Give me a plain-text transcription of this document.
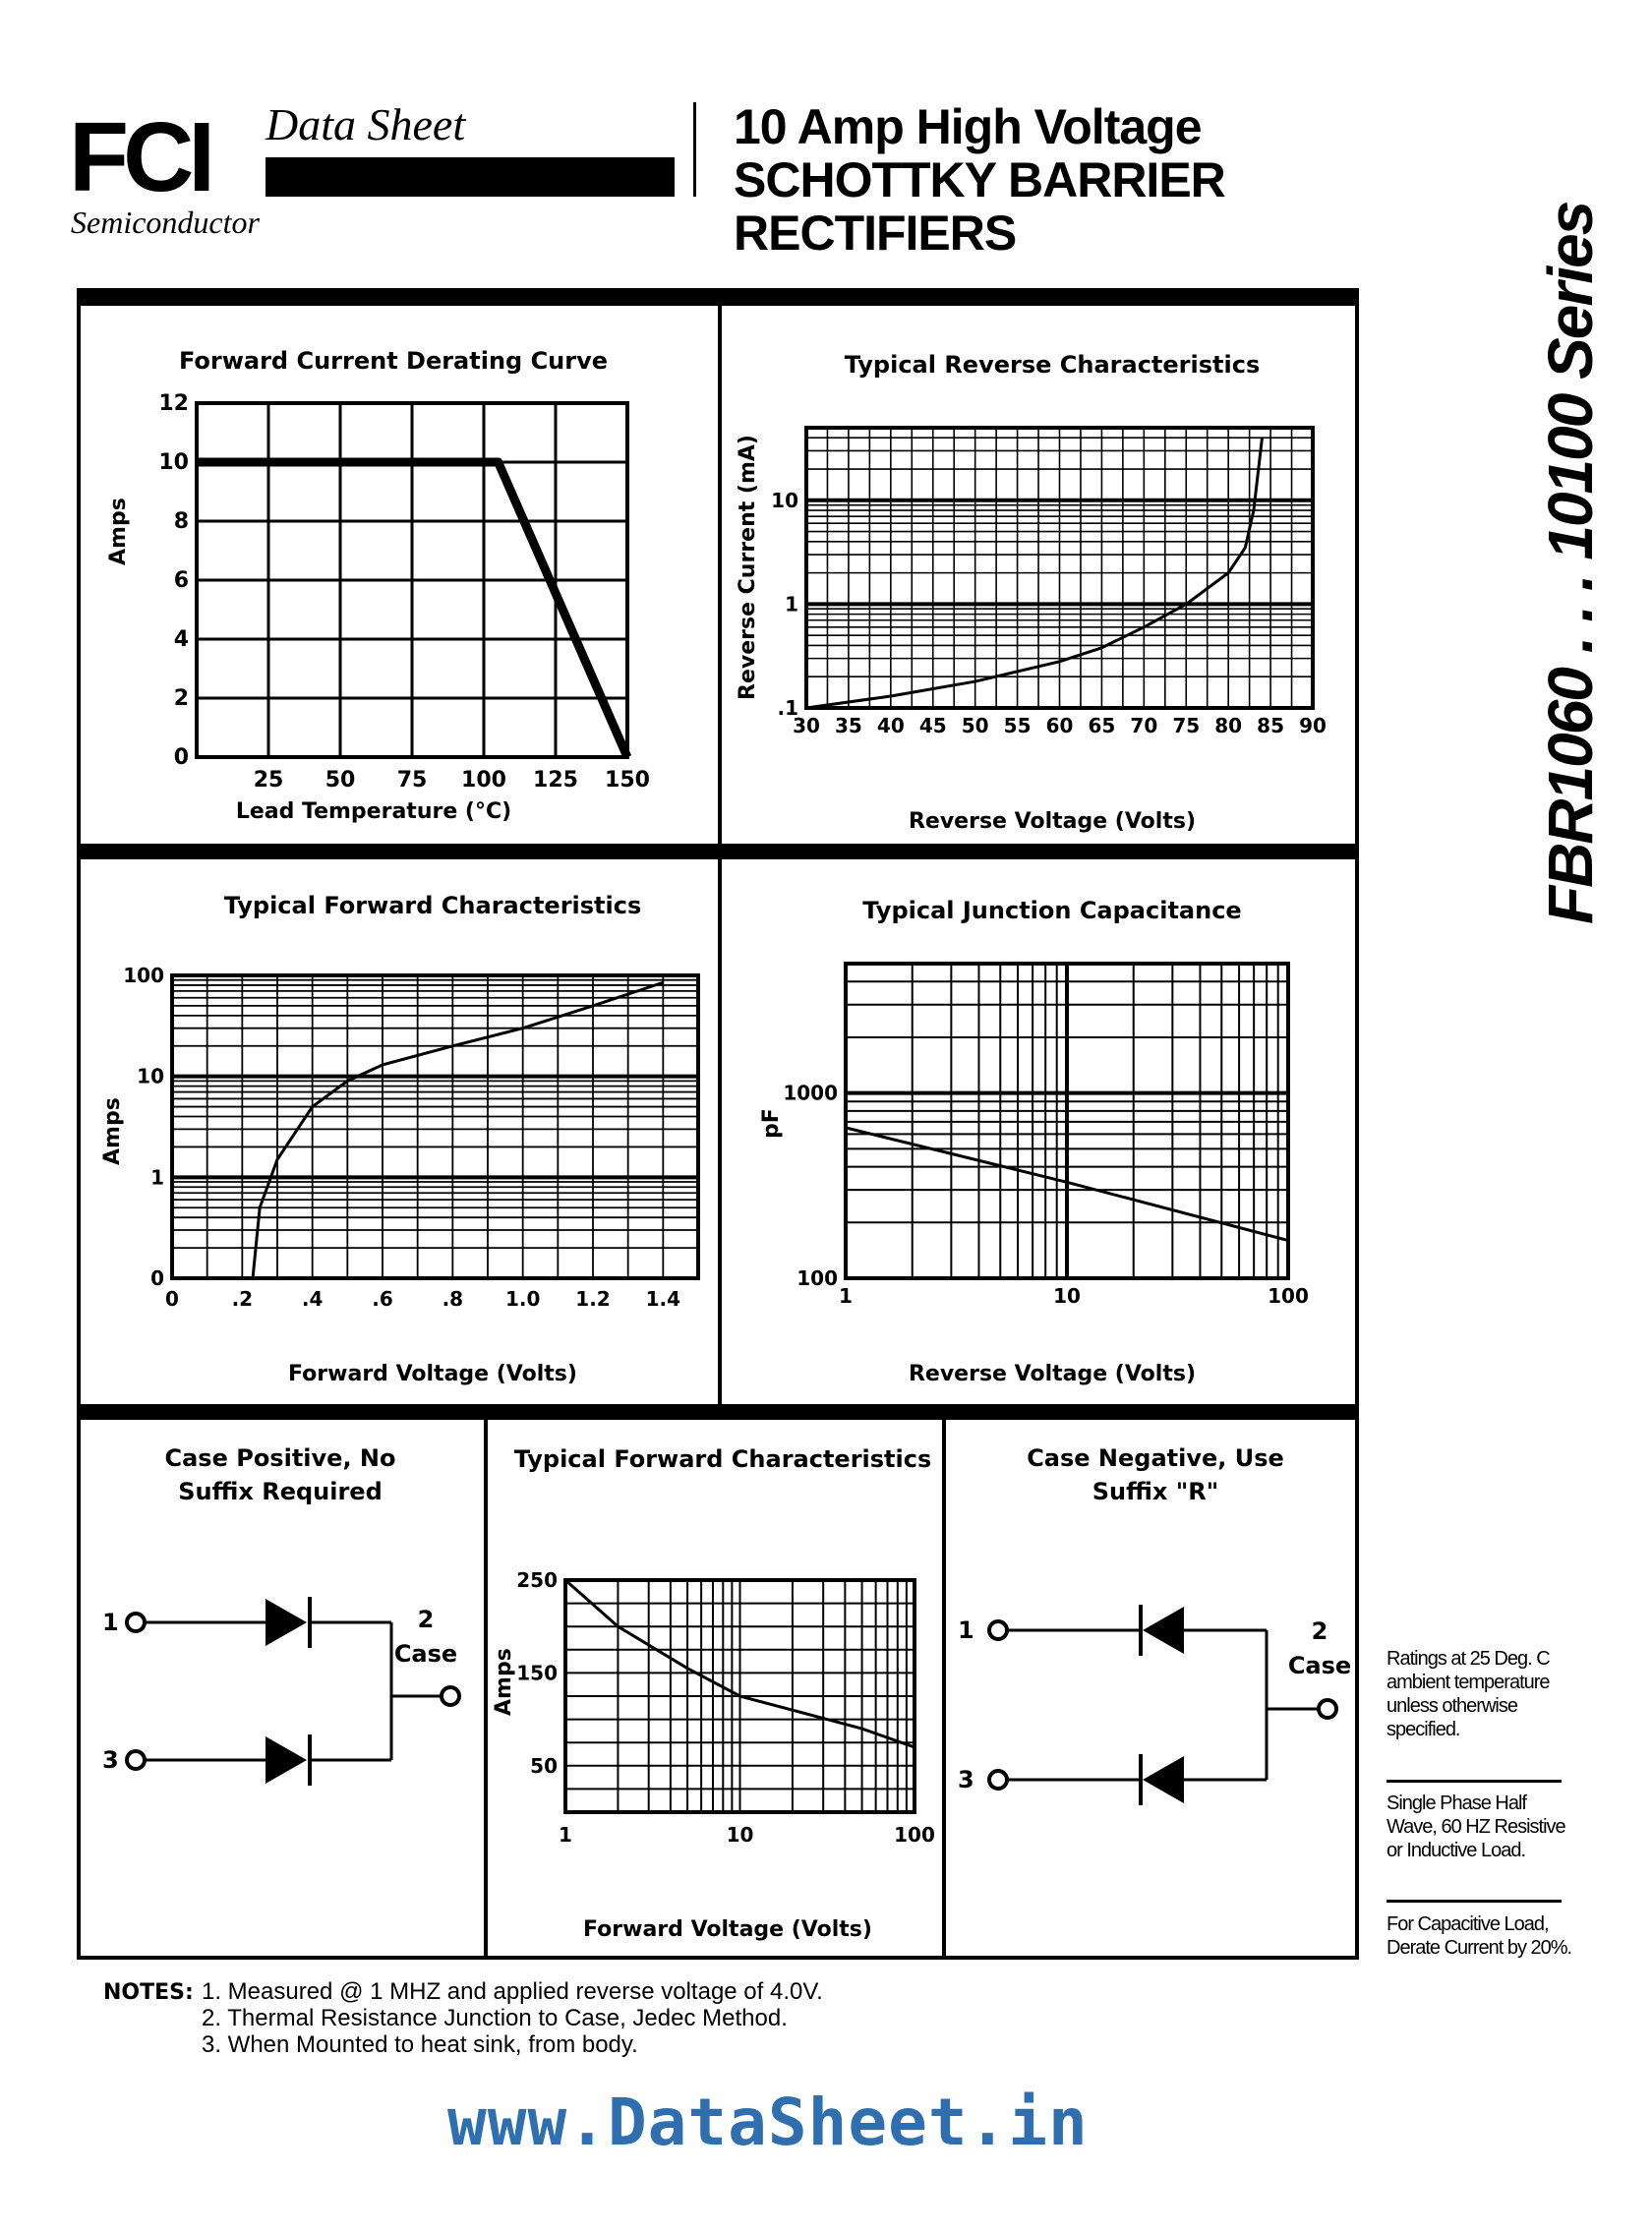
FCI	Data Sheet
Semiconductor
10 Amp High Voltage
SCHOTTKY BARRIER
RECTIFIERS	FBR1060 . . . 10100 Series
Forward Current Derating Curve
Amps
Lead Temperature (°C)
25 50 75 100 125 150
0
2
4
6
8
10
12
Typical Reverse Characteristics
Reverse Current (mA)
Reverse Voltage (Volts)
30 35 40 45 50 55 60 65 70 75 80 85 90
.1
1
10
Typical Forward Characteristics
Amps
Forward Voltage (Volts)
0	.2 .4 .6 .8 1.0 1.2 1.4
0
1
10
100
Typical Junction Capacitance
pF
Reverse Voltage (Volts)
1	10	100
100
1000
Case Positive, No
Suffix Required
1
3
2
Case
Typical Forward Characteristics
Amps
Forward Voltage (Volts)
1	10	100
50
150
250
Case Negative, Use
Suffix "R"
1
3
2
Case Ratings at 25 Deg. C ambient temperature unless otherwise specified.
Single Phase Half Wave, 60 HZ Resistive or Inductive Load.
For Capacitive Load, Derate Current by 20%.
NOTES: 1. Measured @ 1 MHZ and applied reverse voltage of 4.0V.
2. Thermal Resistance Junction to Case, Jedec Method.
3. When Mounted to heat sink, from body.
www.DataSheet.in
